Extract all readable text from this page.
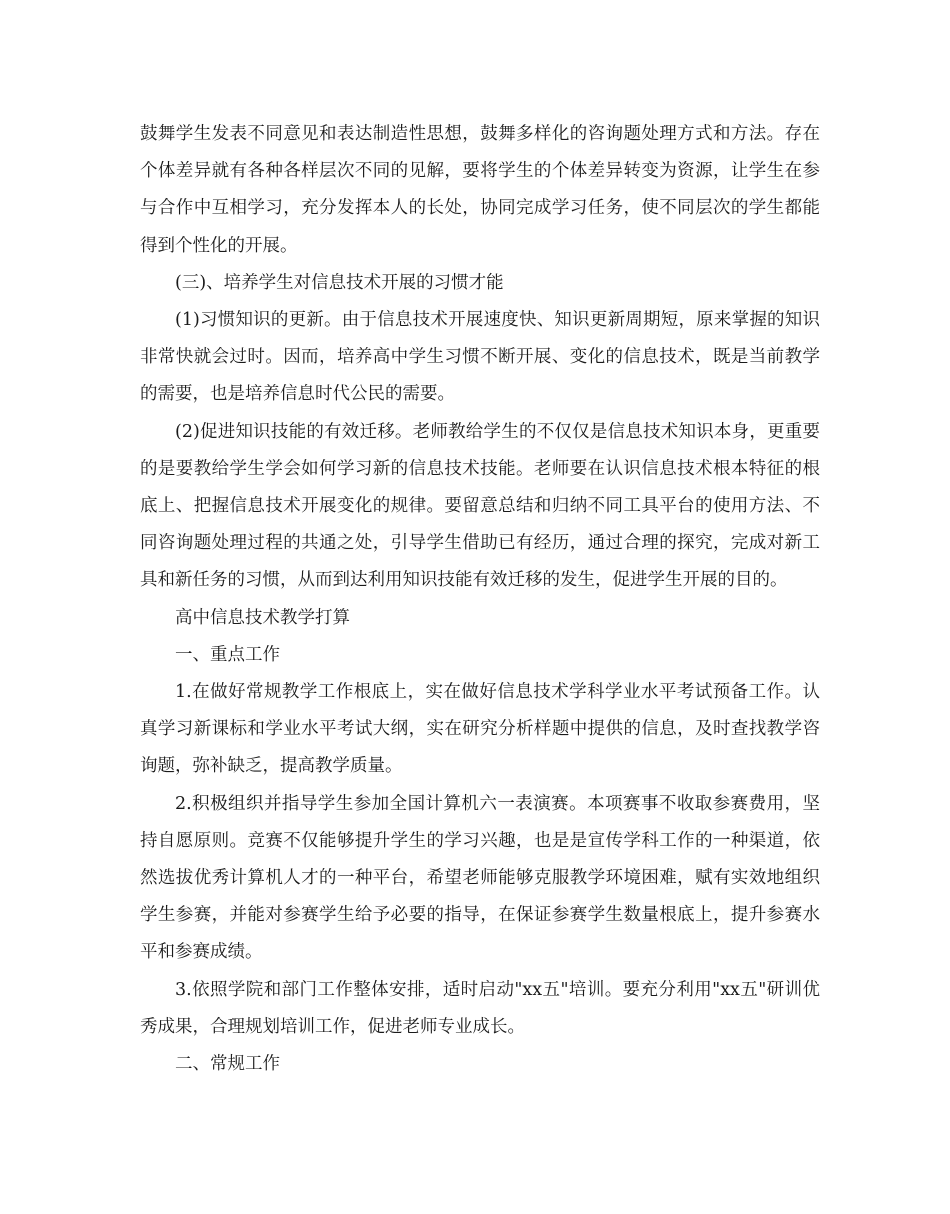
鼓舞学生发表不同意见和表达制造性思想，鼓舞多样化的咨询题处理方式和方法。存在个体差异就有各种各样层次不同的见解，要将学生的个体差异转变为资源，让学生在参与合作中互相学习，充分发挥本人的长处，协同完成学习任务，使不同层次的学生都能得到个性化的开展。

(三)、培养学生对信息技术开展的习惯才能

(1)习惯知识的更新。由于信息技术开展速度快、知识更新周期短，原来掌握的知识非常快就会过时。因而，培养高中学生习惯不断开展、变化的信息技术，既是当前教学的需要，也是培养信息时代公民的需要。

(2)促进知识技能的有效迁移。老师教给学生的不仅仅是信息技术知识本身，更重要的是要教给学生学会如何学习新的信息技术技能。老师要在认识信息技术根本特征的根底上、把握信息技术开展变化的规律。要留意总结和归纳不同工具平台的使用方法、不同咨询题处理过程的共通之处，引导学生借助已有经历，通过合理的探究，完成对新工具和新任务的习惯，从而到达利用知识技能有效迁移的发生，促进学生开展的目的。

高中信息技术教学打算

一、重点工作

1.在做好常规教学工作根底上，实在做好信息技术学科学业水平考试预备工作。认真学习新课标和学业水平考试大纲，实在研究分析样题中提供的信息，及时查找教学咨询题，弥补缺乏，提高教学质量。

2.积极组织并指导学生参加全国计算机六一表演赛。本项赛事不收取参赛费用，坚持自愿原则。竞赛不仅能够提升学生的学习兴趣，也是是宣传学科工作的一种渠道，依然选拔优秀计算机人才的一种平台，希望老师能够克服教学环境困难，赋有实效地组织学生参赛，并能对参赛学生给予必要的指导，在保证参赛学生数量根底上，提升参赛水平和参赛成绩。

3.依照学院和部门工作整体安排，适时启动"xx五"培训。要充分利用"xx五"研训优秀成果，合理规划培训工作，促进老师专业成长。

二、常规工作
